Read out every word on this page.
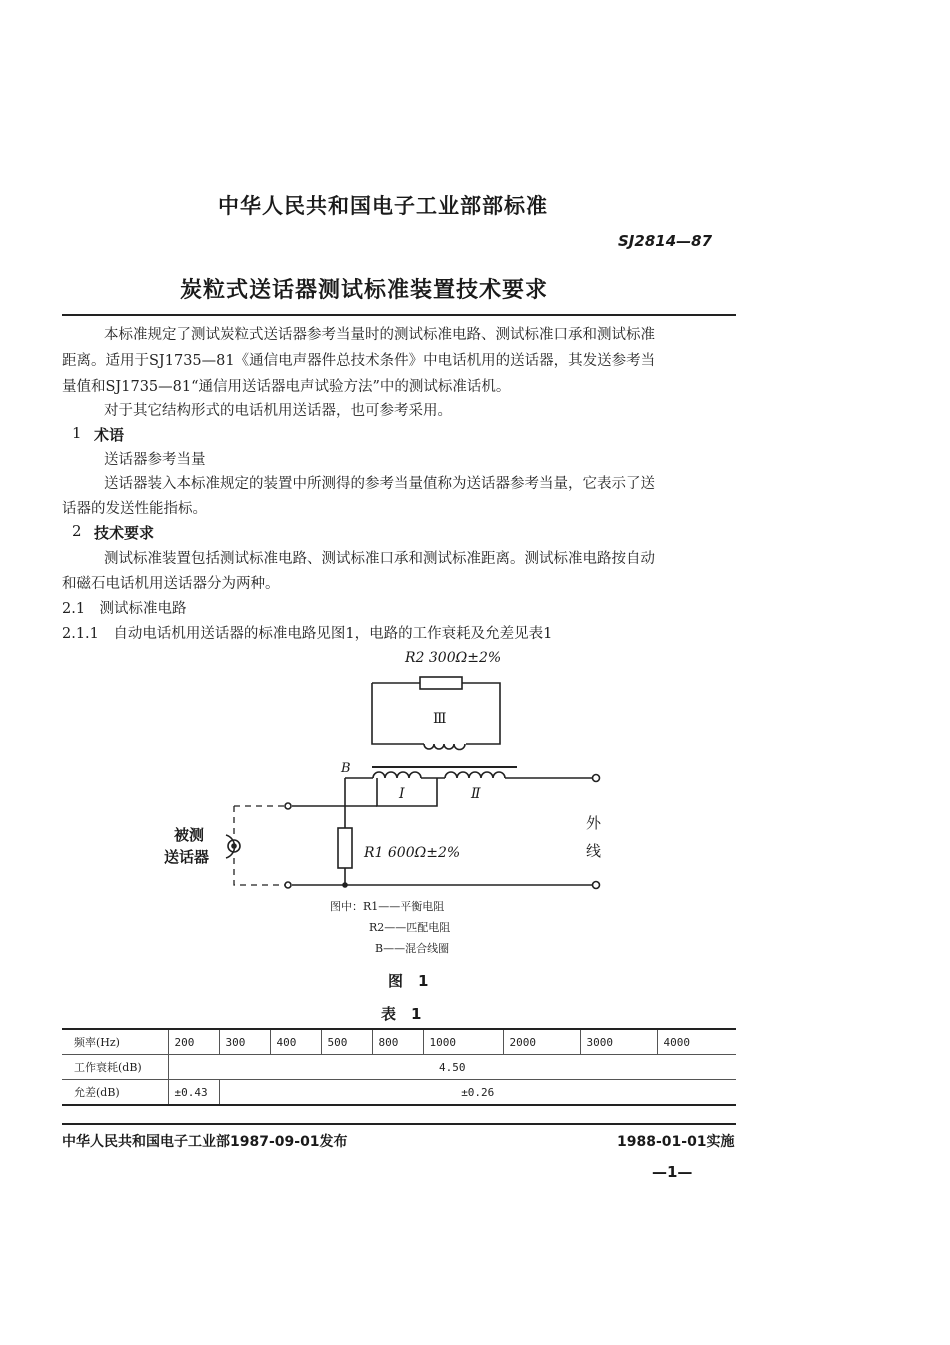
中华人民共和国电子工业部部标准
SJ2814—87
炭粒式送话器测试标准装置技术要求
本标准规定了测试炭粒式送话器参考当量时的测试标准电路、测试标准口承和测试标准
距离。适用于SJ1735—81《通信电声器件总技术条件》中电话机用的送话器，其发送参考当
量值和SJ1735—81“通信用送话器电声试验方法”中的测试标准话机。
对于其它结构形式的电话机用送话器，也可参考采用。
1 术语
送话器参考当量
送话器装入本标准规定的装置中所测得的参考当量值称为送话器参考当量，它表示了送
话器的发送性能指标。
2 技术要求
测试标准装置包括测试标准电路、测试标准口承和测试标准距离。测试标准电路按自动
和磁石电话机用送话器分为两种。
2.1　测试标准电路
2.1.1　自动电话机用送话器的标准电路见图1，电路的工作衰耗及允差见表1
R2 300Ω±2%
Ⅲ
B
Ⅰ	Ⅱ
R1 600Ω±2%
被测
送话器
外
线
图中：R1——平衡电阻
R2——匹配电阻
B——混合线圈
图　1
表　1
频率(Hz)	200	300	400	500	800	1000	2000	3000	4000
工作衰耗(dB)	4.50								
允差(dB)	±0.43	±0.26							
中华人民共和国电子工业部1987-09-01发布	1988-01-01实施
—1—
